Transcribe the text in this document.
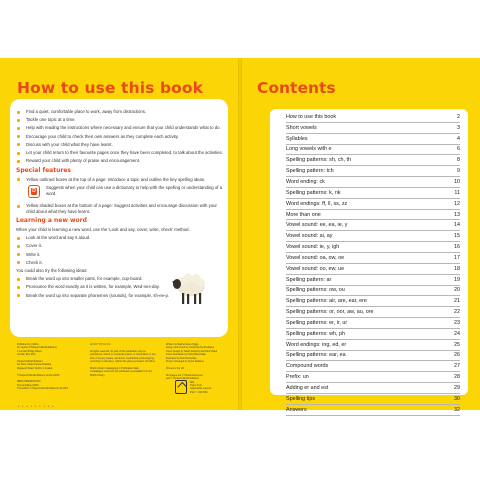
How to use this book
Find a quiet, comfortable place to work, away from distractions.
Tackle one topic at a time.
Help with reading the instructions where necessary and ensure that your child understands what to do.
Encourage your child to check their own answers as they complete each activity.
Discuss with your child what they have learnt.
Let your child return to their favourite pages once they have been completed, to talk about the activities.
Reward your child with plenty of praise and encouragement.
Special features
Yellow outlined boxes at the top of a page: Introduce a topic and outline the key spelling ideas.
D
Suggests when your child can use a dictionary to help with the spelling or understanding of a word.
Yellow shaded boxes at the bottom of a page: Suggest activities and encourage discussion with your child about what they have learnt.
Learning a new word
When your child is learning a new word, use the 'Look and say, cover, write, check' method.
Look at the word and say it aloud.
Cover it.
Write it.
Check it.
You could also try the following ideas:
Break the word up into smaller parts, for example, cup-board.
Pronounce the word exactly as it is written, for example, Wed-nes-day.
Break the word up into separate phonemes (sounds), for example, sh-ee-p.
Published by Collins
An imprint of HarperCollinsPublishers
1 London Bridge Street
London SE1 9GF

HarperCollinsPublishers
1st Floor, Watermarque Building
Ringsend Road, Dublin 4, Ireland

© HarperCollinsPublishers Limited 2015

ISBN 9780008134372
First published 2015
This edition © HarperCollinsPublishers Ltd 2021
10 9 8 7 6 5 4 3 2 1

All rights reserved. No part of this publication may be
reproduced, stored in a retrieval system, or transmitted, in any
form or by any means, electronic, mechanical, photocopying,
recording or otherwise, without the prior permission of Collins.

British Library Cataloguing in Publication Data
A Catalogue record for this publication is available from the
British Library.
Written by Rachel Axten-Higgs
Design and layout by Contentra Technologies
Cover design by Sarah Duxbury and Paul Oates
Cover illustration by Kathy Baxendale
Illustrated by Rob McClurkan
Project managed by Sonia Dawkins

Printed in the UK

All images are © Shutterstock.com
and © HarperCollinsPublishers
MIX
Paper from
responsible sources
FSC™ C007454
• • • • • • • • •
Contents
How to use this book	2
Short vowels	3
Syllables	4
Long vowels with e	6
Spelling patterns: sh, ch, th	8
Spelling pattern: tch	9
Word ending: ck	10
Spelling patterns: k, nk	11
Word endings: ff, ll, ss, zz	12
More than one	13
Vowel sound: ee, ea, ie, y	14
Vowel sound: ai, ay	15
Vowel sound: ie, y, igh	16
Vowel sound: oa, ow, oe	17
Vowel sound: oo, ew, ue	18
Spelling pattern: ar	19
Spelling patterns: ow, ou	20
Spelling patterns: air, are, ear, ere	21
Spelling patterns: or, oor, aw, au, ore	22
Spelling patterns: er, ir, ur	23
Spelling patterns: wh, ph	24
Word endings: ing, ed, er	25
Spelling patterns: ear, ea	26
Compound words	27
Prefix: un	28
Adding er and est	29
Spelling tips	30
Answers	32
